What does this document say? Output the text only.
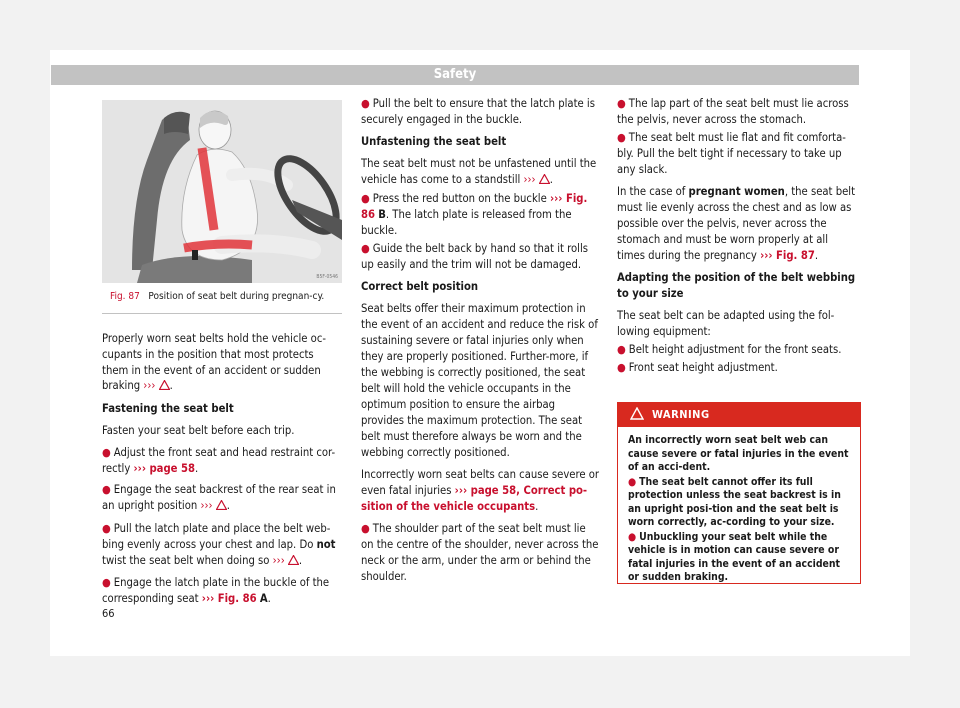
Safety
B5F-0546
Fig. 87 Position of seat belt during pregnan-cy.

Properly worn seat belts hold the vehicle oc-cupants in the position that most protects them in the event of an accident or sudden braking ››› .

Fastening the seat belt

Fasten your seat belt before each trip.

● Adjust the front seat and head restraint cor-rectly ››› page 58.

● Engage the seat backrest of the rear seat in an upright position ››› .

● Pull the latch plate and place the belt web-bing evenly across your chest and lap. Do not twist the seat belt when doing so ››› .

● Engage the latch plate in the buckle of the corresponding seat ››› Fig. 86 A.

● Pull the belt to ensure that the latch plate is securely engaged in the buckle.

Unfastening the seat belt

The seat belt must not be unfastened until the vehicle has come to a standstill ››› .

● Press the red button on the buckle ››› Fig. 86 B. The latch plate is released from the buckle.

● Guide the belt back by hand so that it rolls up easily and the trim will not be damaged.

Correct belt position

Seat belts offer their maximum protection in the event of an accident and reduce the risk of sustaining severe or fatal injuries only when they are properly positioned. Further-more, if the webbing is correctly positioned, the seat belt will hold the vehicle occupants in the optimum position to ensure the airbag provides the maximum protection. The seat belt must therefore always be worn and the webbing correctly positioned.

Incorrectly worn seat belts can cause severe or even fatal injuries ››› page 58, Correct po-sition of the vehicle occupants.

● The shoulder part of the seat belt must lie on the centre of the shoulder, never across the neck or the arm, under the arm or behind the shoulder.

● The lap part of the seat belt must lie across the pelvis, never across the stomach.

● The seat belt must lie flat and fit comforta-bly. Pull the belt tight if necessary to take up any slack.

In the case of pregnant women, the seat belt must lie evenly across the chest and as low as possible over the pelvis, never across the stomach and must be worn properly at all times during the pregnancy ››› Fig. 87.

Adapting the position of the belt webbing to your size

The seat belt can be adapted using the fol-lowing equipment:

● Belt height adjustment for the front seats.

● Front seat height adjustment.

WARNING

An incorrectly worn seat belt web can cause severe or fatal injuries in the event of an acci-dent.

● The seat belt cannot offer its full protection unless the seat backrest is in an upright posi-tion and the seat belt is worn correctly, ac-cording to your size.

● Unbuckling your seat belt while the vehicle is in motion can cause severe or fatal injuries in the event of an accident or sudden braking.

66
